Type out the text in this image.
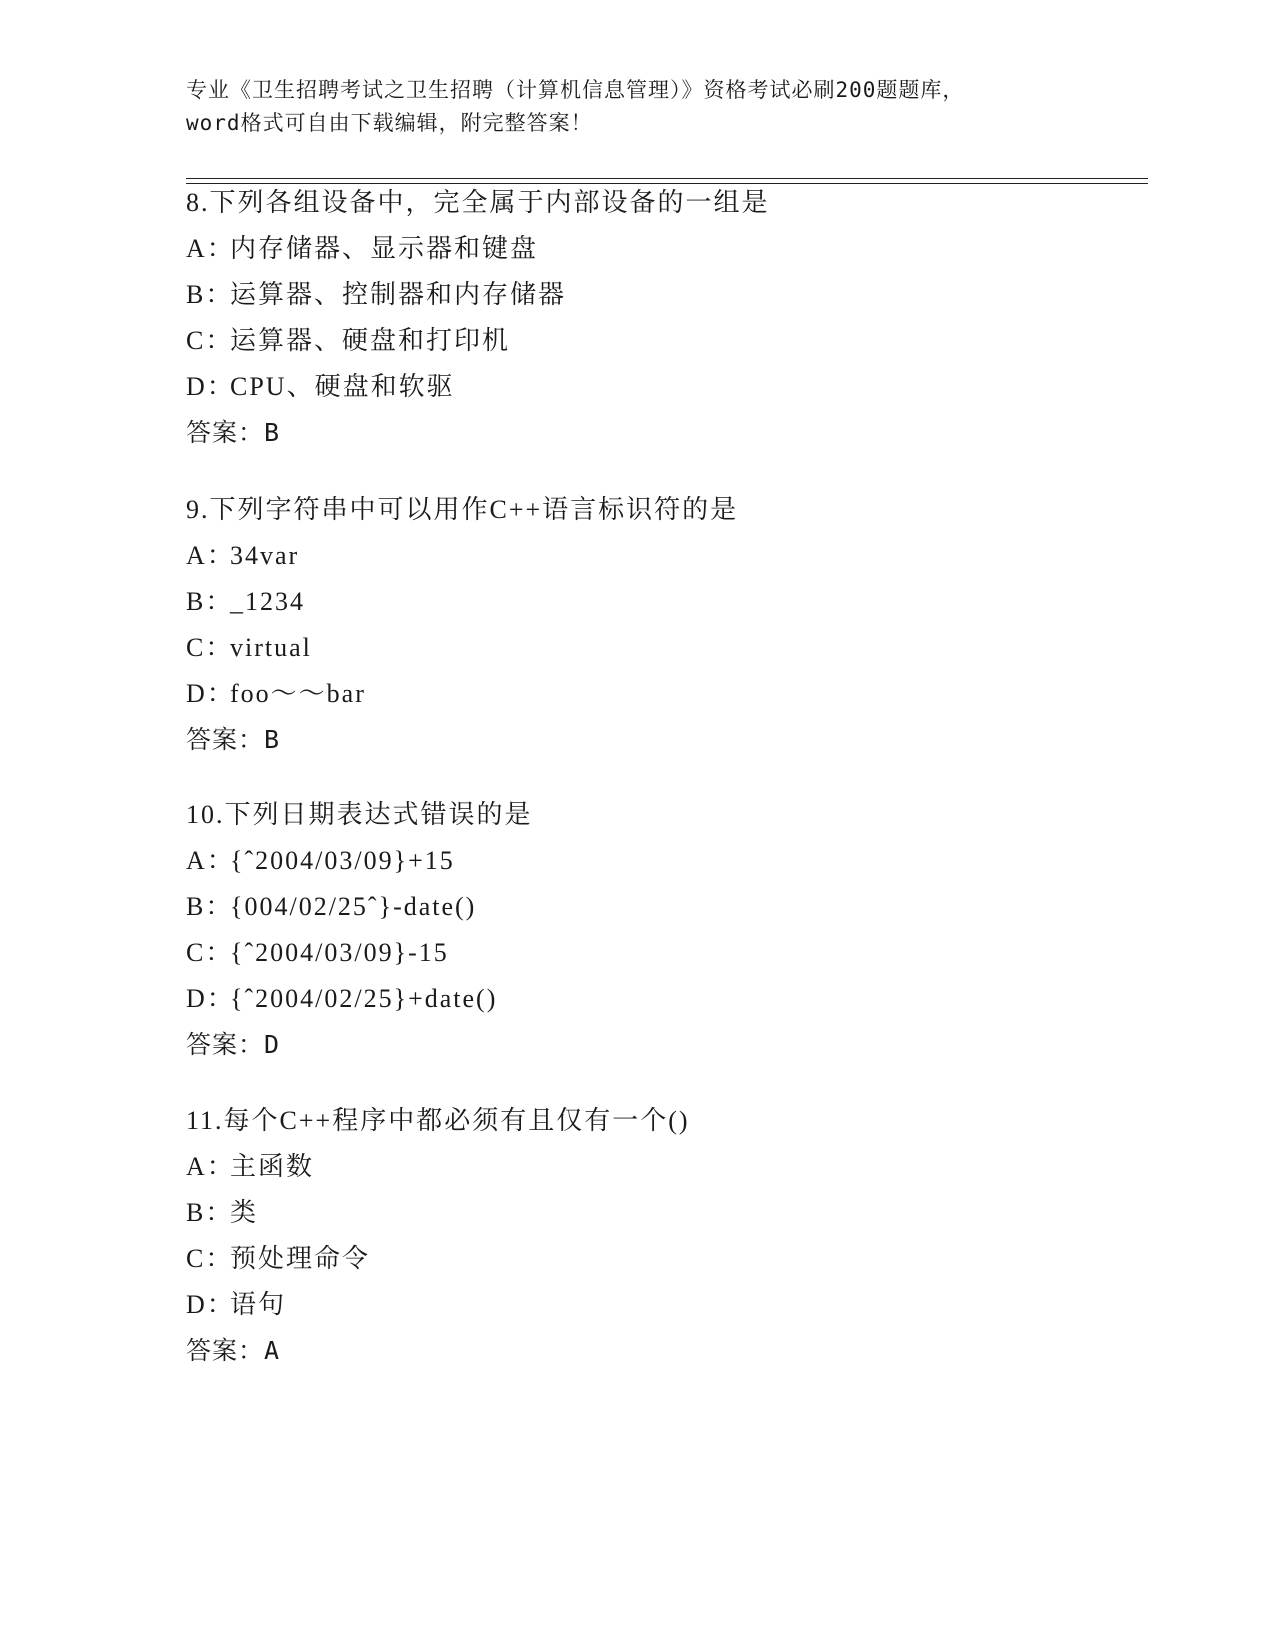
专业《卫生招聘考试之卫生招聘（计算机信息管理）》资格考试必刷200题题库，
word格式可自由下载编辑，附完整答案！
8.下列各组设备中，完全属于内部设备的一组是
A：内存储器、显示器和键盘
B：运算器、控制器和内存储器
C：运算器、硬盘和打印机
D：CPU、硬盘和软驱
答案：B
9.下列字符串中可以用作C++语言标识符的是
A：34var
B：_1234
C：virtual
D：foo～～bar
答案：B
10.下列日期表达式错误的是
A：{ˆ2004/03/09}+15
B：{004/02/25ˆ}-date()
C：{ˆ2004/03/09}-15
D：{ˆ2004/02/25}+date()
答案：D
11.每个C++程序中都必须有且仅有一个()
A：主函数
B：类
C：预处理命令
D：语句
答案：A
